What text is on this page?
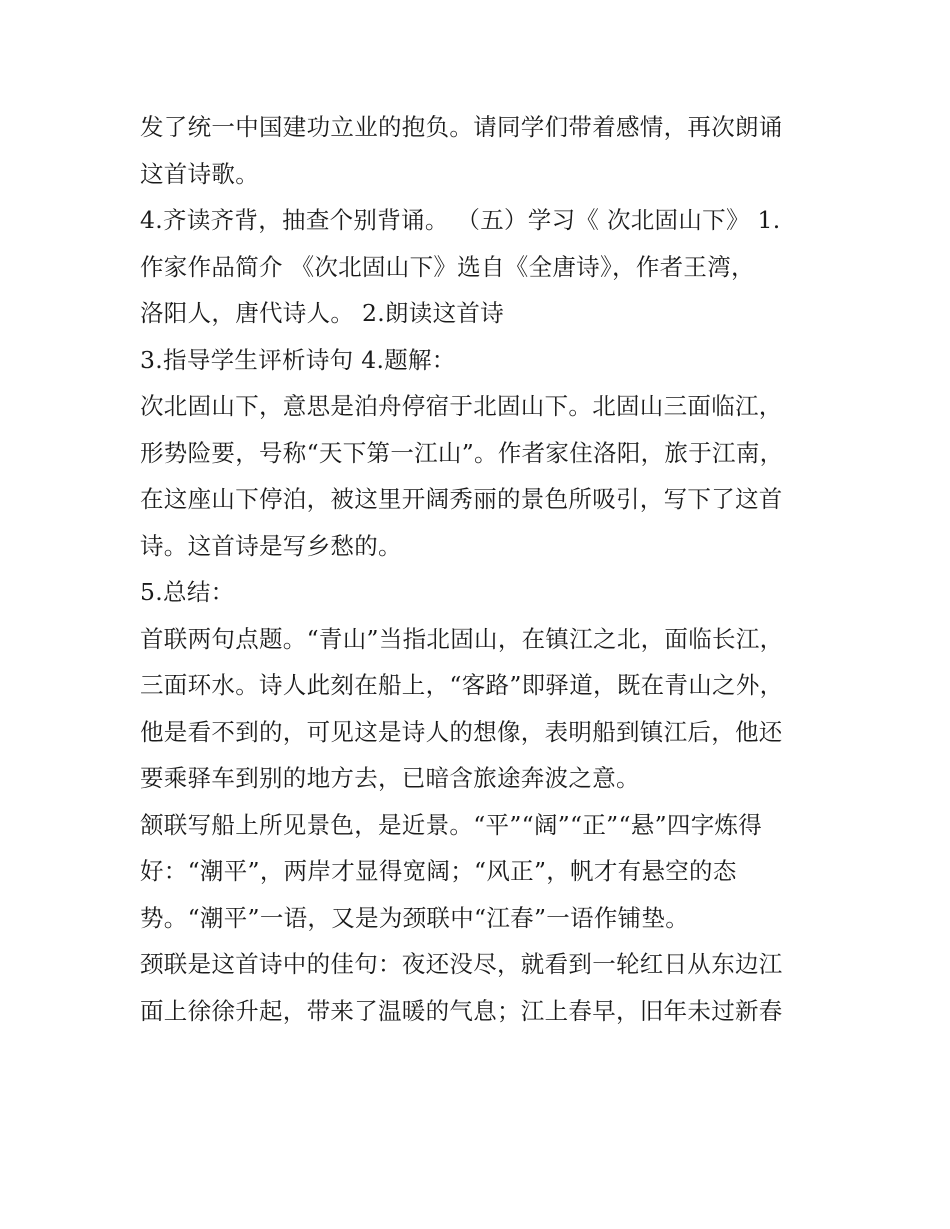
发了统一中国建功立业的抱负。请同学们带着感情，再次朗诵
这首诗歌。
4.齐读齐背，抽查个别背诵。 （五）学习《 次北固山下》 1.
作家作品简介 《次北固山下》选自《全唐诗》，作者王湾，
洛阳人，唐代诗人。 2.朗读这首诗
3.指导学生评析诗句 4.题解：
次北固山下，意思是泊舟停宿于北固山下。北固山三面临江，
形势险要，号称“天下第一江山”。作者家住洛阳，旅于江南，
在这座山下停泊，被这里开阔秀丽的景色所吸引，写下了这首
诗。这首诗是写乡愁的。
5.总结：
首联两句点题。“青山”当指北固山，在镇江之北，面临长江，
三面环水。诗人此刻在船上，“客路”即驿道，既在青山之外，
他是看不到的，可见这是诗人的想像，表明船到镇江后，他还
要乘驿车到别的地方去，已暗含旅途奔波之意。
颔联写船上所见景色，是近景。“平”“阔”“正”“悬”四字炼得
好：“潮平”，两岸才显得宽阔；“风正”，帆才有悬空的态
势。“潮平”一语，又是为颈联中“江春”一语作铺垫。
颈联是这首诗中的佳句：夜还没尽，就看到一轮红日从东边江
面上徐徐升起，带来了温暖的气息；江上春早，旧年未过新春
